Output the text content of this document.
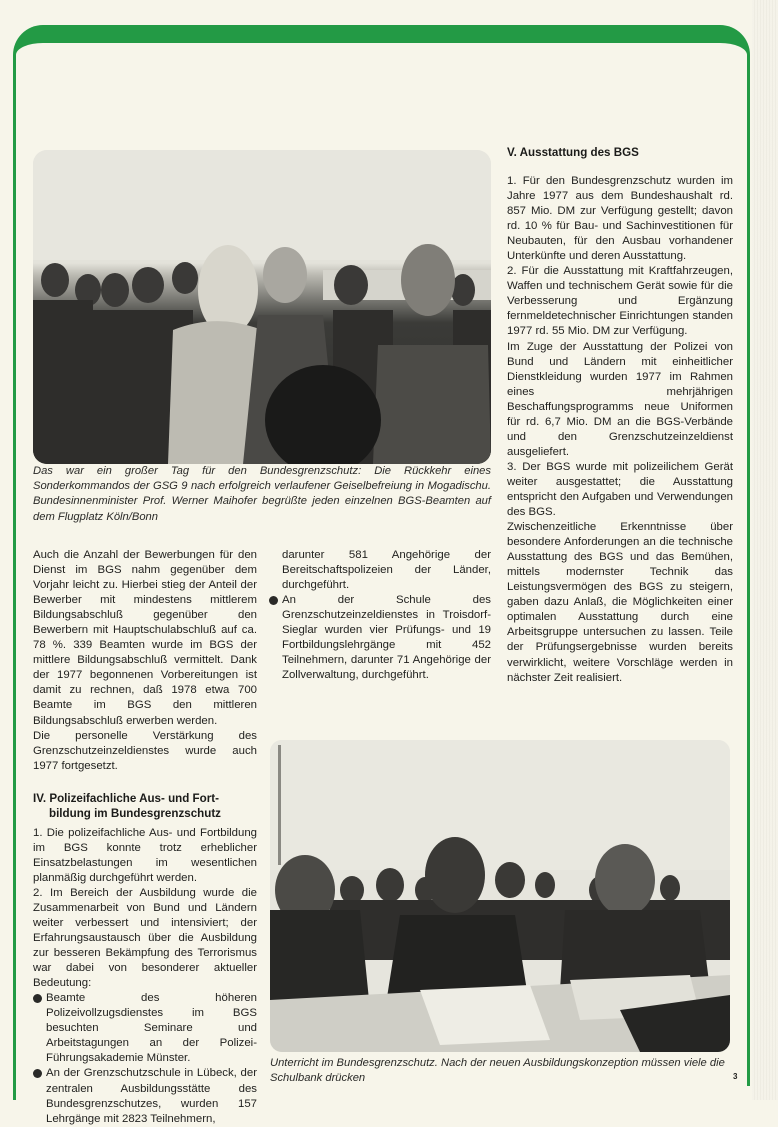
Das war ein großer Tag für den Bundesgrenzschutz: Die Rückkehr eines Sonderkommandos der GSG 9 nach erfolgreich verlaufener Geiselbefreiung in Mogadischu. Bundesinnenminister Prof. Werner Maihofer begrüßte jeden einzelnen BGS-Beamten auf dem Flugplatz Köln/Bonn

Auch die Anzahl der Bewerbungen für den Dienst im BGS nahm gegenüber dem Vorjahr leicht zu. Hierbei stieg der Anteil der Bewerber mit mindestens mittlerem Bildungsabschluß gegenüber den Bewerbern mit Hauptschulabschluß auf ca. 78 %. 339 Beamten wurde im BGS der mittlere Bildungsabschluß vermittelt. Dank der 1977 begonnenen Vorbereitungen ist damit zu rechnen, daß 1978 etwa 700 Beamte im BGS den mittleren Bildungsabschluß erwerben werden.

Die personelle Verstärkung des Grenzschutzeinzeldienstes wurde auch 1977 fortgesetzt.

IV. Polizeifachliche Aus- und Fort-
bildung im Bundesgrenzschutz

1. Die polizeifachliche Aus- und Fortbildung im BGS konnte trotz erheblicher Einsatzbelastungen im wesentlichen planmäßig durchgeführt werden.

2. Im Bereich der Ausbildung wurde die Zusammenarbeit von Bund und Ländern weiter verbessert und intensiviert; der Erfahrungsaustausch über die Ausbildung zur besseren Bekämpfung des Terrorismus war dabei von besonderer aktueller Bedeutung:

Beamte des höheren Polizeivollzugsdienstes im BGS besuchten Seminare und Arbeitstagungen an der Polizei-Führungsakademie Münster.
An der Grenzschutzschule in Lübeck, der zentralen Ausbildungsstätte des Bundesgrenzschutzes, wurden 157 Lehrgänge mit 2823 Teilnehmern,

darunter 581 Angehörige der Bereitschaftspolizeien der Länder, durchgeführt.

An der Schule des Grenzschutzeinzeldienstes in Troisdorf-Sieglar wurden vier Prüfungs- und 19 Fortbildungslehrgänge mit 452 Teilnehmern, darunter 71 Angehörige der Zollverwaltung, durchgeführt.
V. Ausstattung des BGS

1. Für den Bundesgrenzschutz wurden im Jahre 1977 aus dem Bundeshaushalt rd. 857 Mio. DM zur Verfügung gestellt; davon rd. 10 % für Bau- und Sachinvestitionen für Neubauten, für den Ausbau vorhandener Unterkünfte und deren Ausstattung.

2. Für die Ausstattung mit Kraftfahrzeugen, Waffen und technischem Gerät sowie für die Verbesserung und Ergänzung fernmeldetechnischer Einrichtungen standen 1977 rd. 55 Mio. DM zur Verfügung.

Im Zuge der Ausstattung der Polizei von Bund und Ländern mit einheitlicher Dienstkleidung wurden 1977 im Rahmen eines mehrjährigen Beschaffungsprogramms neue Uniformen für rd. 6,7 Mio. DM an die BGS-Verbände und den Grenzschutzeinzeldienst ausgeliefert.

3. Der BGS wurde mit polizeilichem Gerät weiter ausgestattet; die Ausstattung entspricht den Aufgaben und Verwendungen des BGS.

Zwischenzeitliche Erkenntnisse über besondere Anforderungen an die technische Ausstattung des BGS und das Bemühen, mittels modernster Technik das Leistungsvermögen des BGS zu steigern, gaben dazu Anlaß, die Möglichkeiten einer optimalen Ausstattung durch eine Arbeitsgruppe untersuchen zu lassen. Teile der Prüfungsergebnisse wurden bereits verwirklicht, weitere Vorschläge werden in nächster Zeit realisiert.

Unterricht im Bundesgrenzschutz. Nach der neuen Ausbildungskonzeption müssen viele die Schulbank drücken	3
